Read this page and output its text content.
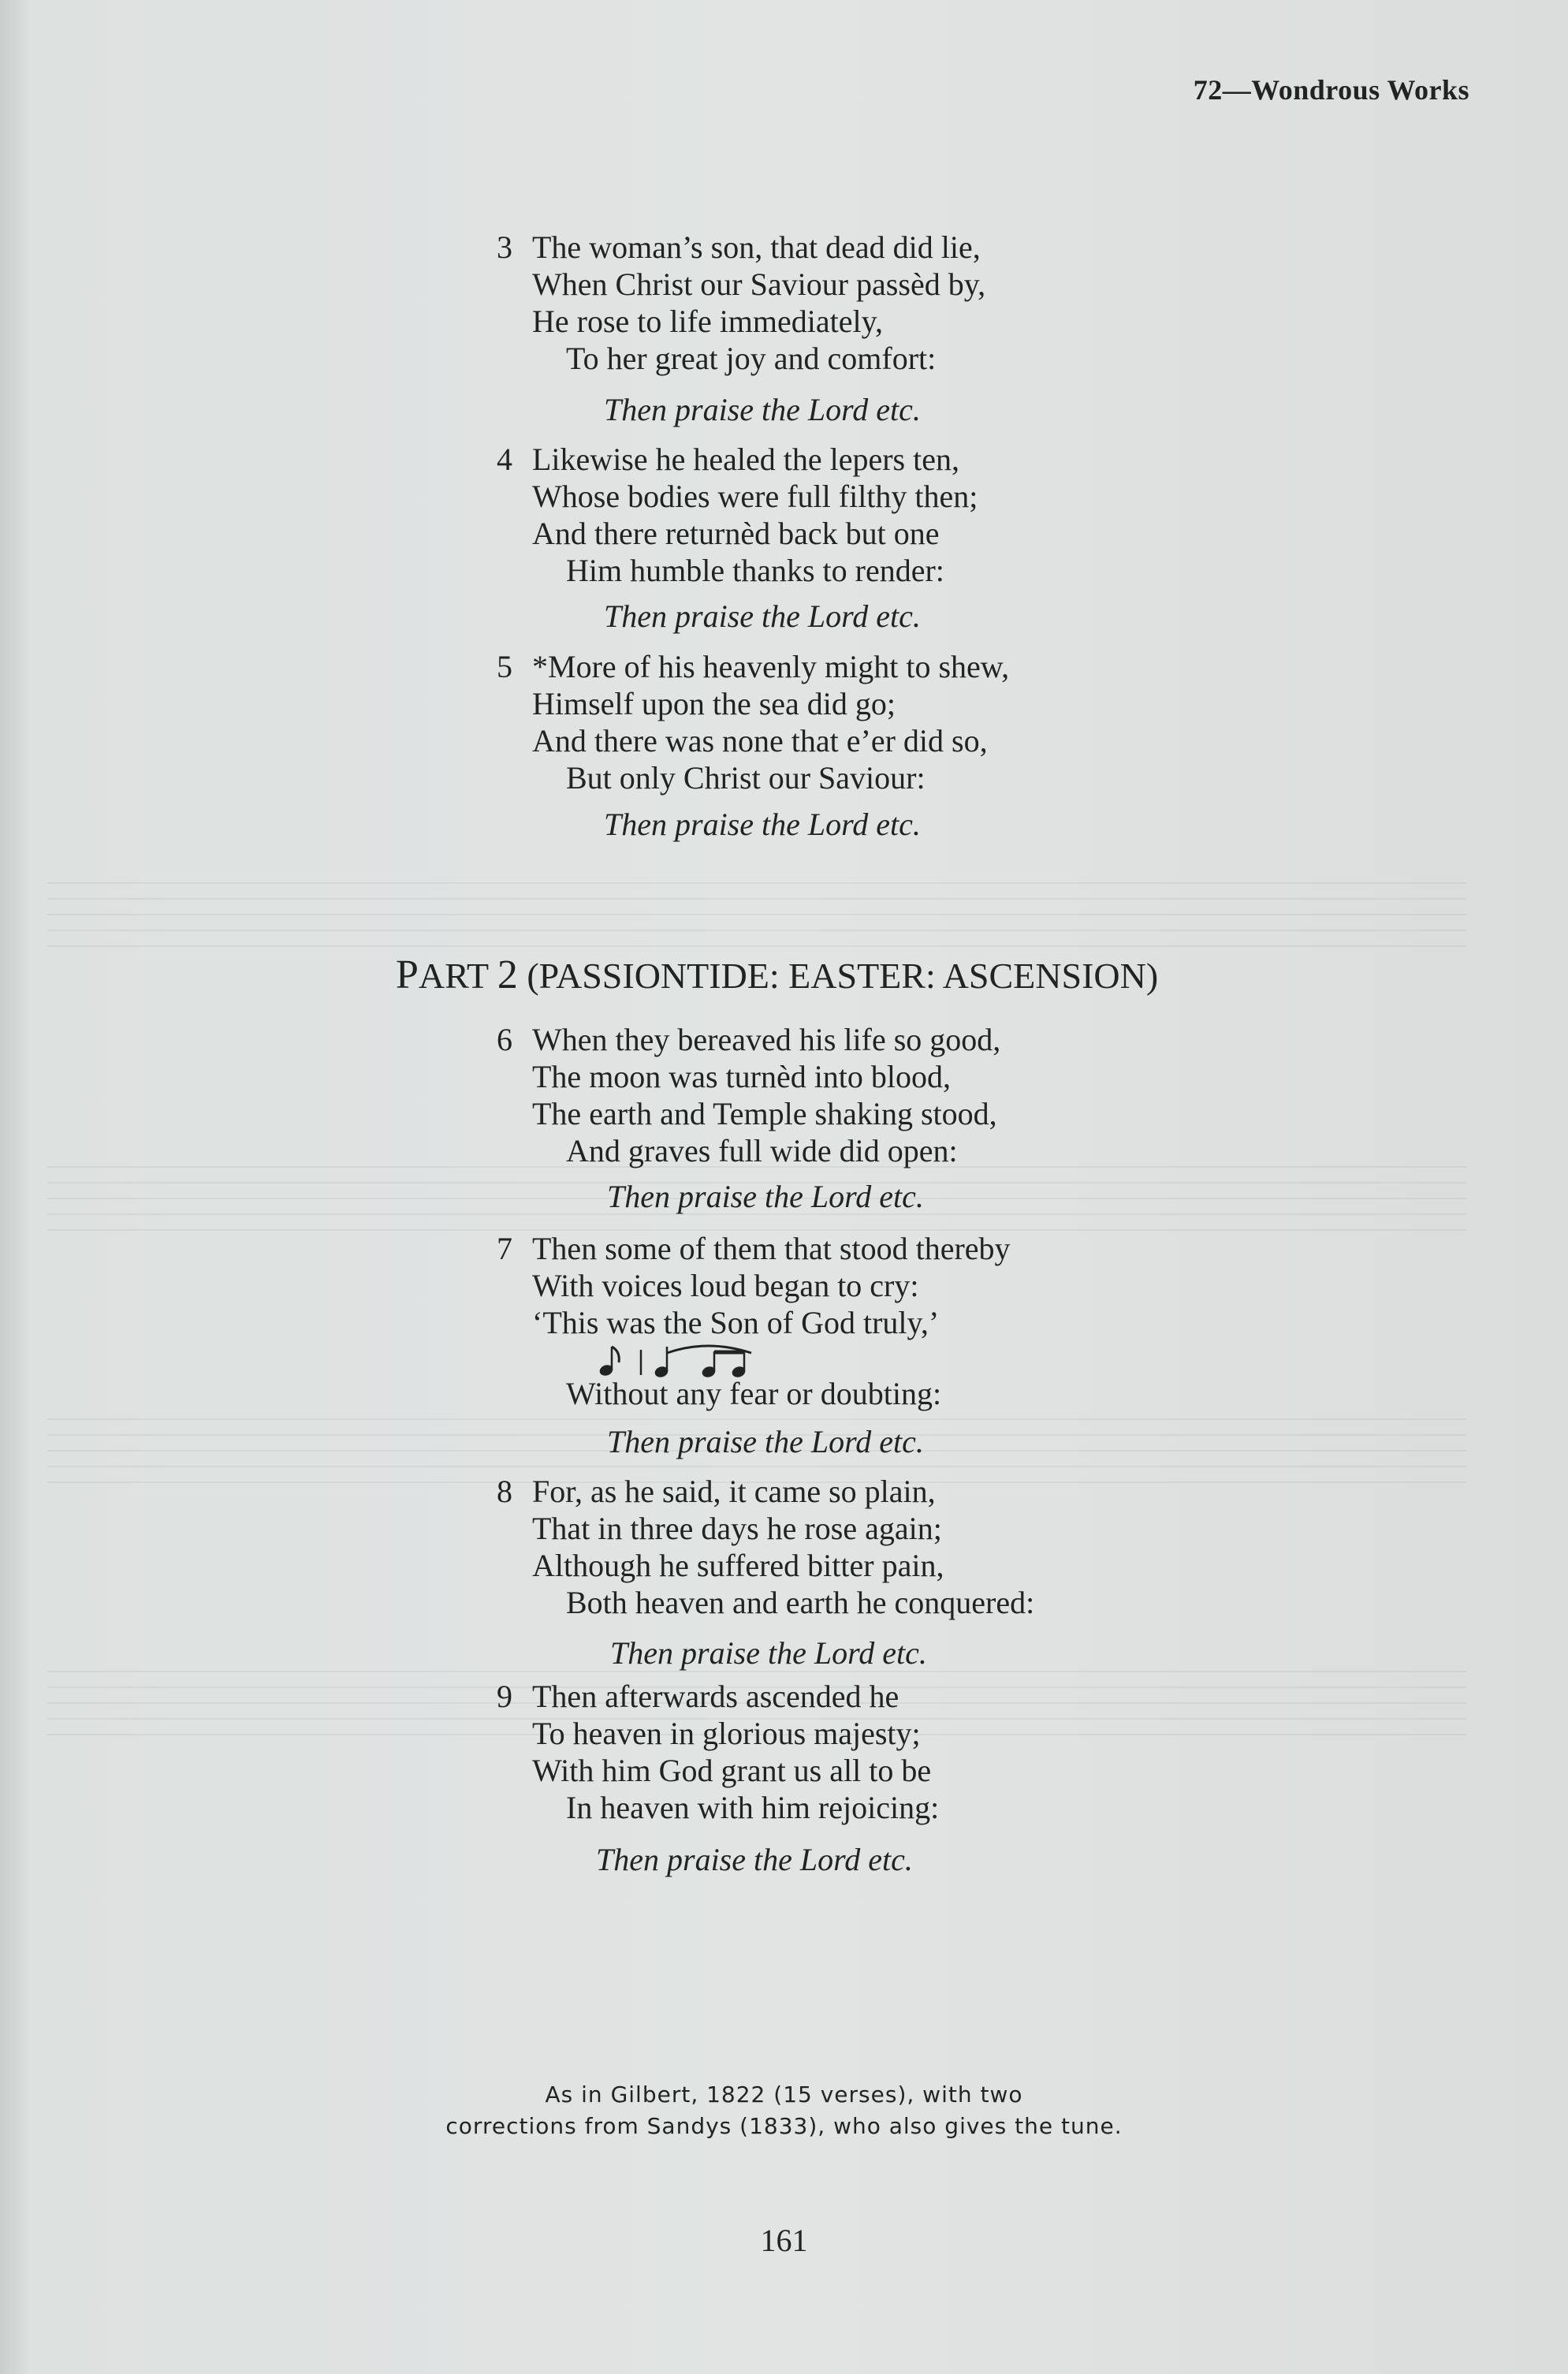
72—Wondrous Works
3 The woman’s son, that dead did lie,
When Christ our Saviour passèd by,
He rose to life immediately,
To her great joy and comfort:
Then praise the Lord etc.
4 Likewise he healed the lepers ten,
Whose bodies were full filthy then;
And there returnèd back but one
Him humble thanks to render:
Then praise the Lord etc.
5 *More of his heavenly might to shew,
Himself upon the sea did go;
And there was none that e’er did so,
But only Christ our Saviour:
Then praise the Lord etc.
PART 2 (PASSIONTIDE: EASTER: ASCENSION)
6 When they bereaved his life so good,
The moon was turnèd into blood,
The earth and Temple shaking stood,
And graves full wide did open:
Then praise the Lord etc.
7 Then some of them that stood thereby
With voices loud began to cry:
‘This was the Son of God truly,’
Without any fear or doubting:
Then praise the Lord etc.
8 For, as he said, it came so plain,
That in three days he rose again;
Although he suffered bitter pain,
Both heaven and earth he conquered:
Then praise the Lord etc.
9 Then afterwards ascended he
To heaven in glorious majesty;
With him God grant us all to be
In heaven with him rejoicing:
Then praise the Lord etc.
As in Gilbert, 1822 (15 verses), with two
corrections from Sandys (1833), who also gives the tune.
161
